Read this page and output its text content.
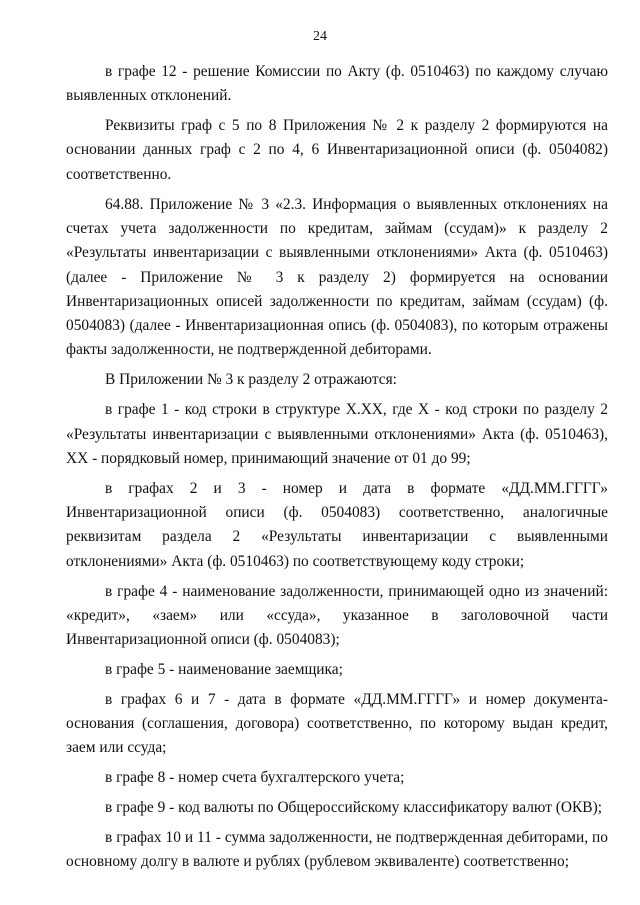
24

в графе 12 - решение Комиссии по Акту (ф. 0510463) по каждому случаю выявленных отклонений.

Реквизиты граф с 5 по 8 Приложения № 2 к разделу 2 формируются на основании данных граф с 2 по 4, 6 Инвентаризационной описи (ф. 0504082) соответственно.

64.88. Приложение № 3 «2.3. Информация о выявленных отклонениях на счетах учета задолженности по кредитам, займам (ссудам)» к разделу 2 «Результаты инвентаризации с выявленными отклонениями» Акта (ф. 0510463) (далее - Приложение № 3 к разделу 2) формируется на основании Инвентаризационных описей задолженности по кредитам, займам (ссудам) (ф. 0504083) (далее - Инвентаризационная опись (ф. 0504083), по которым отражены факты задолженности, не подтвержденной дебиторами.

В Приложении № 3 к разделу 2 отражаются:

в графе 1 - код строки в структуре Х.ХХ, где Х - код строки по разделу 2 «Результаты инвентаризации с выявленными отклонениями» Акта (ф. 0510463), ХХ - порядковый номер, принимающий значение от 01 до 99;

в графах 2 и 3 - номер и дата в формате «ДД.ММ.ГГГГ» Инвентаризационной описи (ф. 0504083) соответственно, аналогичные реквизитам раздела 2 «Результаты инвентаризации с выявленными отклонениями» Акта (ф. 0510463) по соответствующему коду строки;

в графе 4 - наименование задолженности, принимающей одно из значений: «кредит», «заем» или «ссуда», указанное в заголовочной части Инвентаризационной описи (ф. 0504083);

в графе 5 - наименование заемщика;

в графах 6 и 7 - дата в формате «ДД.ММ.ГГГГ» и номер документа-основания (соглашения, договора) соответственно, по которому выдан кредит, заем или ссуда;

в графе 8 - номер счета бухгалтерского учета;

в графе 9 - код валюты по Общероссийскому классификатору валют (ОКВ);

в графах 10 и 11 - сумма задолженности, не подтвержденная дебиторами, по основному долгу в валюте и рублях (рублевом эквиваленте) соответственно;
